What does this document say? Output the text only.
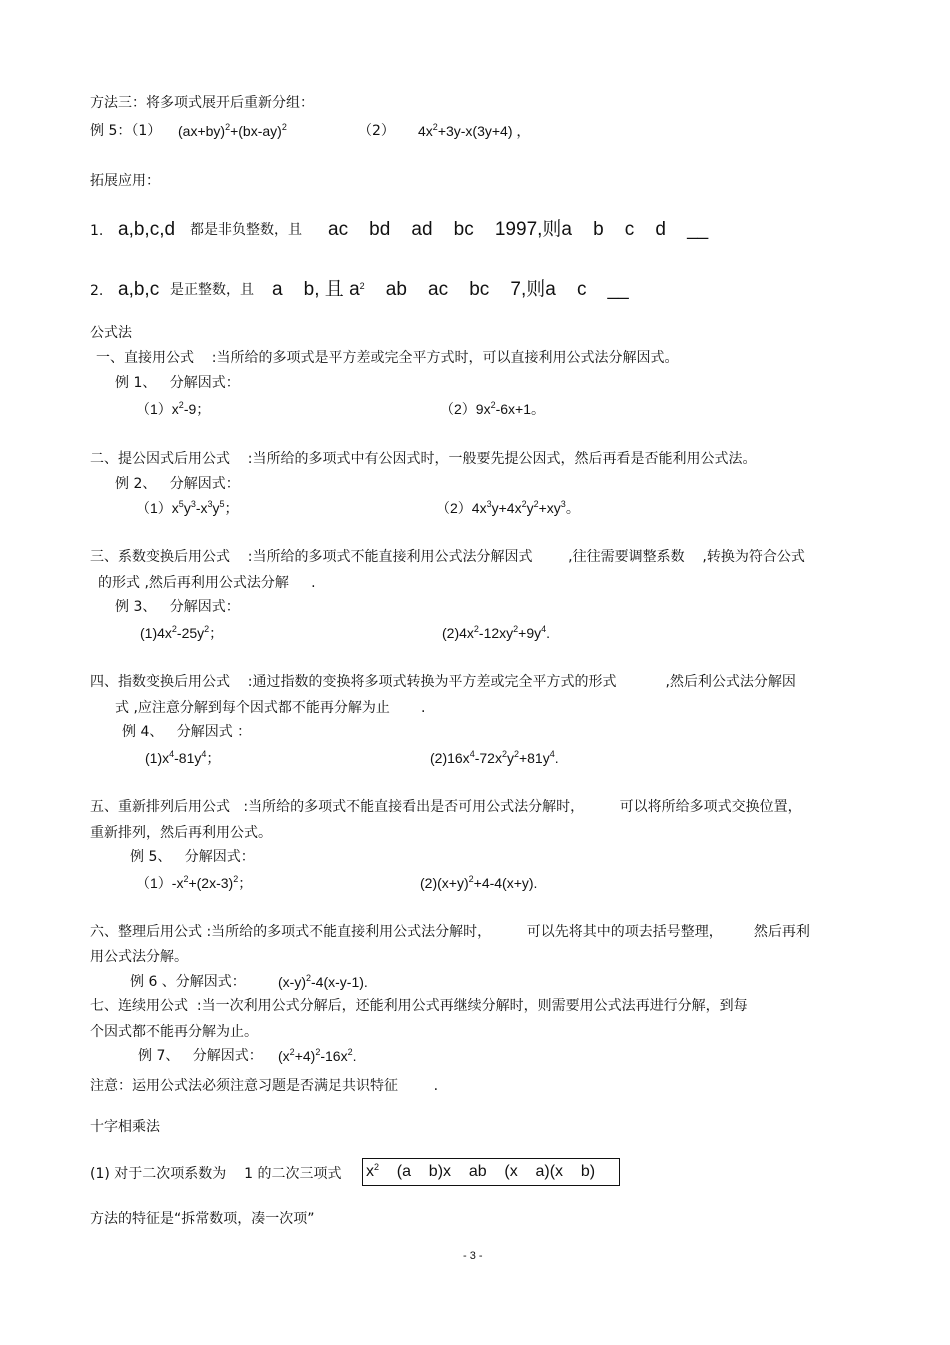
方法三：将多项式展开后重新分组：
例 5：（1） $(ax+by)^2+(bx-ay)^2$	（2） $4x^2+3y-x(3y+4)$ ，
拓展应用：
1. a,b,c,d 都是非负整数，且 ac    bd    ad    bc    1997,则a    b    c    d    __
2. a,b,c 是正整数，且 a    b, 且 $a^2$ ab    ac    bc    7,则a    c    __
公式法
一、直接用公式    :当所给的多项式是平方差或完全平方式时，可以直接利用公式法分解因式。
例 1、   分解因式：
$(1)x^2-9$；	$(2)9x^2-6x+1$。
二、提公因式后用公式    :当所给的多项式中有公因式时，一般要先提公因式，然后再看是否能利用公式法。
例 2、   分解因式：
$(1)x^5y^3-x^3y^5$；	$(2)4x^3y+4x^2y^2+xy^3$。
三、系数变换后用公式    :当所给的多项式不能直接利用公式法分解因式        ,往往需要调整系数    ,转换为符合公式
的形式 ,然后再利用公式法分解     .
例 3、   分解因式：
$(1)4x^2-25y^2$；	$(2)4x^2-12xy^2+9y^4$.
四、指数变换后用公式    :通过指数的变换将多项式转换为平方差或完全平方式的形式           ,然后利公式法分解因
式 ,应注意分解到每个因式都不能再分解为止       .
例 4、   分解因式 ：
$(1)x^4-81y^4$；	$(2)16x^4-72x^2y^2+81y^4$.
五、重新排列后用公式   :当所给的多项式不能直接看出是否可用公式法分解时，        可以将所给多项式交换位置，
重新排列，然后再利用公式。
例 5、   分解因式：
$(1)-x^2+(2x-3)^2$；	$(2)(x+y)^2+4-4(x+y)$.
六、整理后用公式 :当所给的多项式不能直接利用公式法分解时，        可以先将其中的项去括号整理，       然后再利
用公式法分解。
例 6 、分解因式： $(x-y)^2-4(x-y-1)$.
七、连续用公式  :当一次利用公式分解后，还能利用公式再继续分解时，则需要用公式法再进行分解，到每
个因式都不能再分解为止。
例 7、   分解因式： $(x^2+4)^2-16x^2$.
注意：运用公式法必须注意习题是否满足共识特征        .
十字相乘法
(1) 对于二次项系数为    1 的二次三项式 $x^2$ (a    b)x    ab    (x    a)(x    b)
方法的特征是“拆常数项，凑一次项”
- 3 -
